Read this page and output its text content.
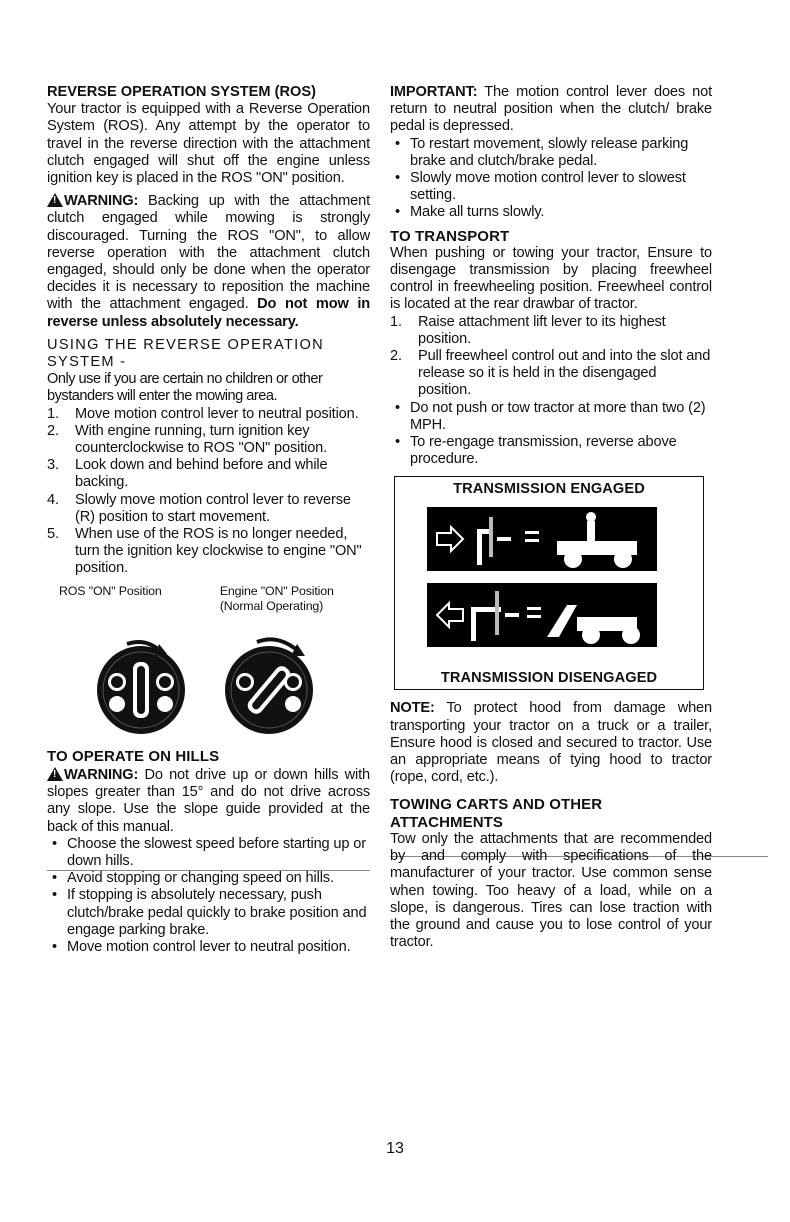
REVERSE OPERATION SYSTEM (ROS)

Your tractor is equipped with a Reverse Operation System (ROS). Any attempt by the operator to travel in the reverse direction with the attachment clutch engaged will shut off the engine unless ignition key is placed in the ROS "ON" position.

!WARNING: Backing up with the attachment clutch engaged while mowing is strongly discouraged. Turning the ROS "ON", to allow reverse operation with the attachment clutch engaged, should only be done when the operator decides it is necessary to reposition the machine with the attachment engaged. Do not mow in reverse unless absolutely necessary.

USING THE REVERSE OPERATION SYSTEM -

Only use if you are certain no children or other bystanders will enter the mowing area.

1. Move motion control lever to neutral position.
2. With engine running, turn ignition key counterclockwise to ROS "ON" position.
3. Look down and behind before and while backing.
4. Slowly move motion control lever to reverse (R) position to start movement.
5. When use of the ROS is no longer needed, turn the ignition key clockwise to engine "ON" position.
ROS "ON" Position	Engine "ON" Position
(Normal Operating)

TO OPERATE ON HILLS

!WARNING: Do not drive up or down hills with slopes greater than 15° and do not drive across any slope. Use the slope guide provided at the back of this manual.

• Choose the slowest speed before starting up or down hills.
• Avoid stopping or changing speed on hills.
• If stopping is absolutely necessary, push clutch/brake pedal quickly to brake position and engage parking brake.
• Move motion control lever to neutral position.

IMPORTANT: The motion control lever does not return to neutral position when the clutch/ brake pedal is depressed.

• To restart movement, slowly release parking brake and clutch/brake pedal.
• Slowly move motion control lever to slowest setting.
• Make all turns slowly.

TO TRANSPORT

When pushing or towing your tractor, Ensure to disengage transmission by placing freewheel control in freewheeling position. Freewheel control is located at the rear drawbar of tractor.

1. Raise attachment lift lever to its highest position.
2. Pull freewheel control out and into the slot and release so it is held in the disengaged position.
• Do not push or tow tractor at more than two (2) MPH.
• To re-engage transmission, reverse above procedure.
TRANSMISSION ENGAGED
TRANSMISSION DISENGAGED

NOTE: To protect hood from damage when transporting your tractor on a truck or a trailer, Ensure hood is closed and secured to tractor. Use an appropriate means of tying hood to tractor (rope, cord, etc.).

TOWING CARTS AND OTHER ATTACHMENTS

Tow only the attachments that are recommended by and comply with specifications of the manufacturer of your tractor. Use common sense when towing. Too heavy of a load, while on a slope, is dangerous. Tires can lose traction with the ground and cause you to lose control of your tractor.

13
